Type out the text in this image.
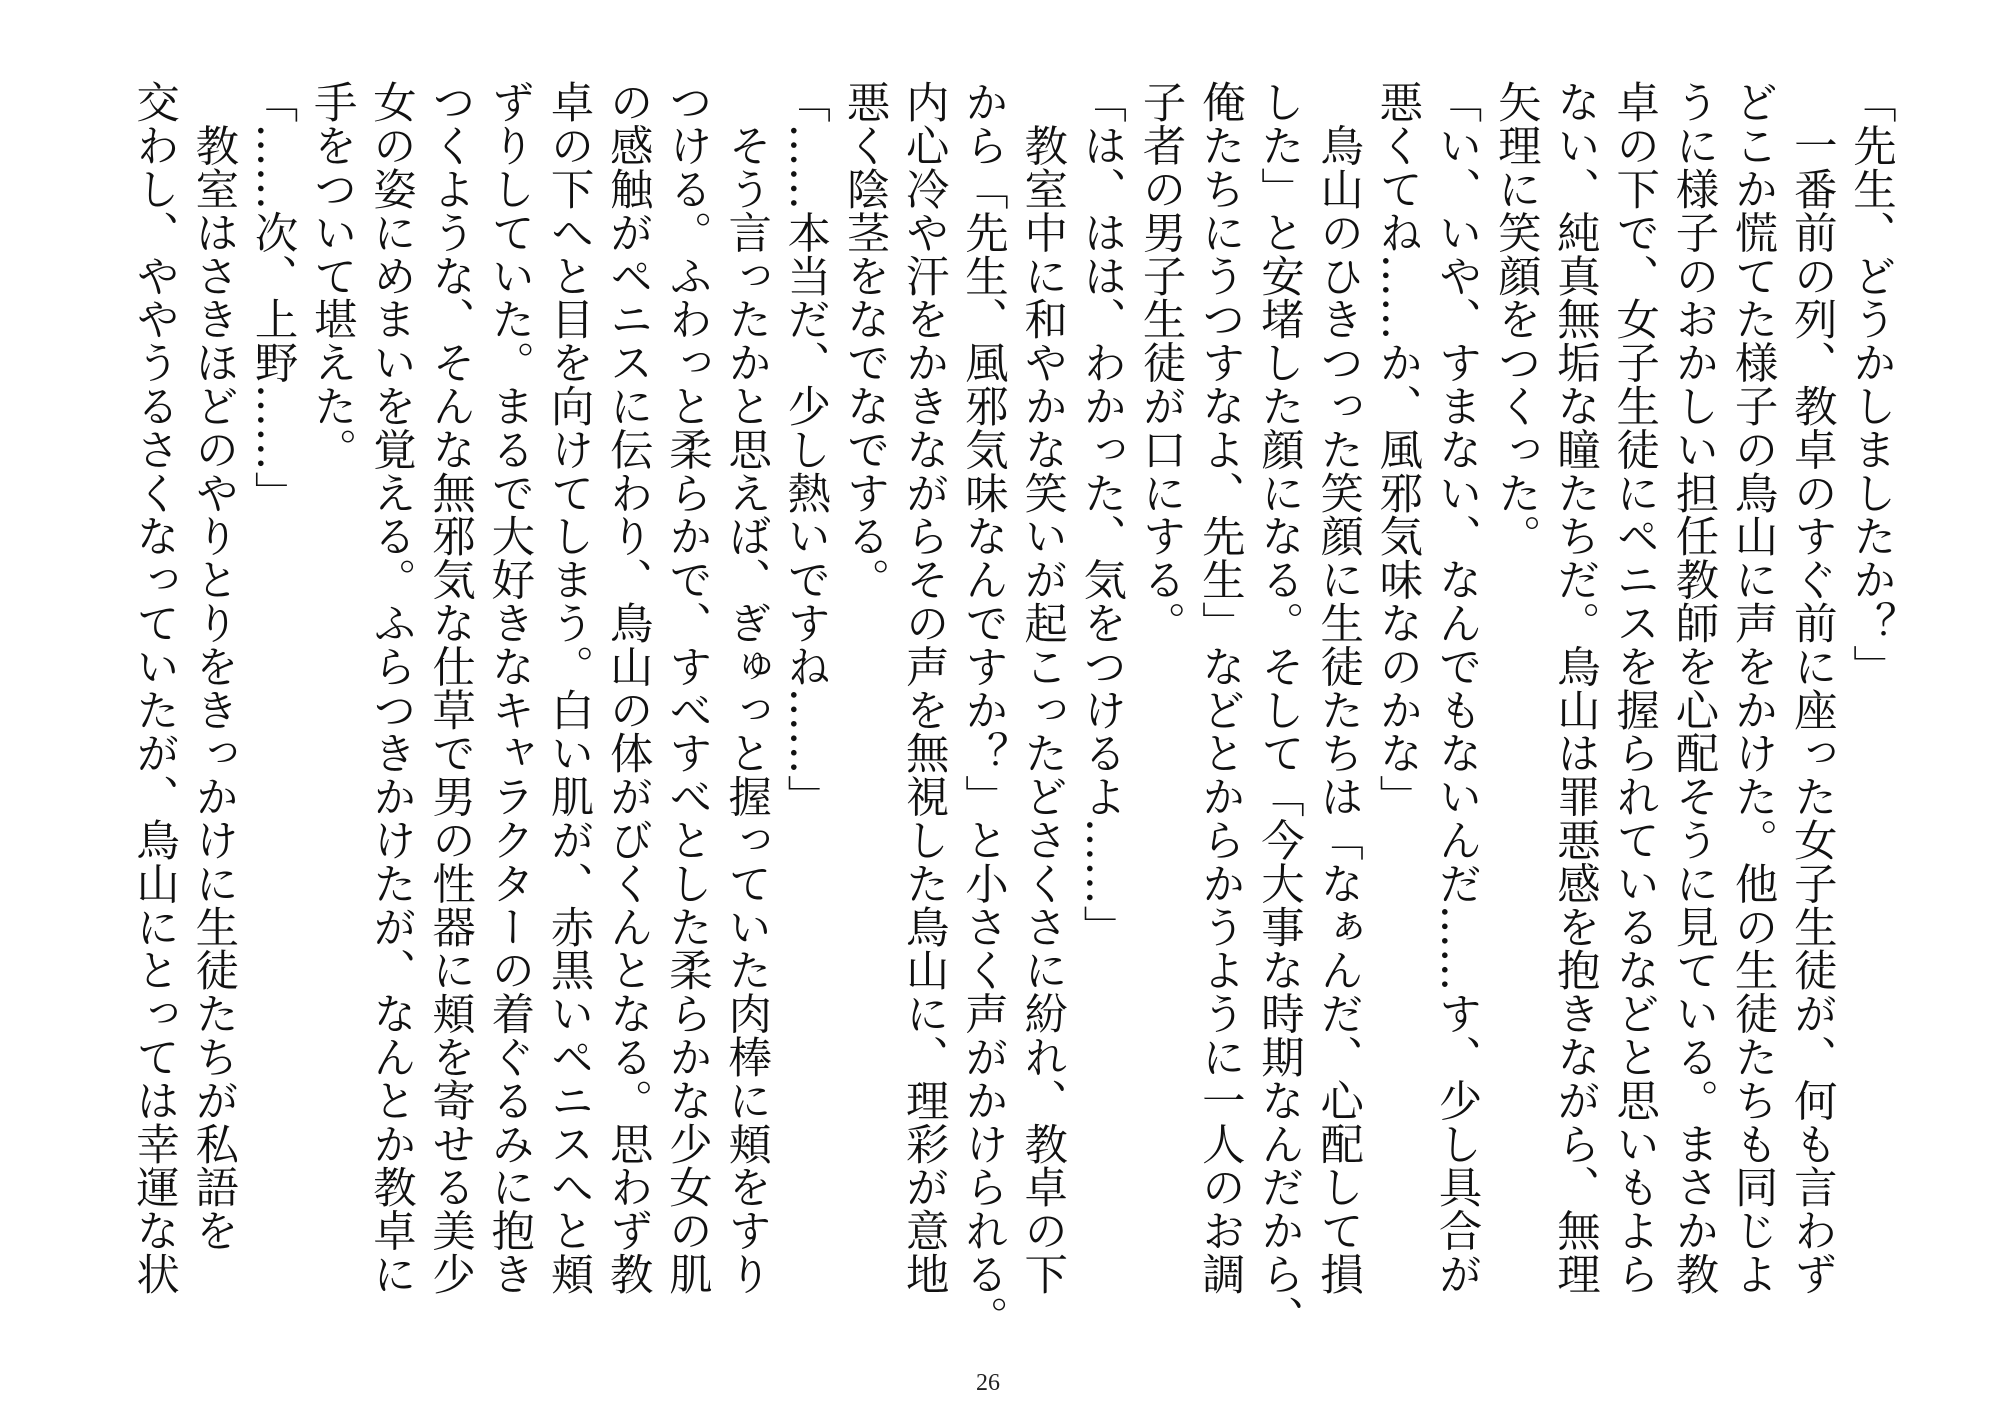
「先生、どうかしましたか？」
　一番前の列、教卓のすぐ前に座った女子生徒が、何も言わず
どこか慌てた様子の鳥山に声をかけた。他の生徒たちも同じよ
うに様子のおかしい担任教師を心配そうに見ている。まさか教
卓の下で、女子生徒にペニスを握られているなどと思いもよら
ない、純真無垢な瞳たちだ。鳥山は罪悪感を抱きながら、無理
矢理に笑顔をつくった。
「い、いや、すまない、なんでもないんだ……す、少し具合が
悪くてね……か、風邪気味なのかな」
　鳥山のひきつった笑顔に生徒たちは「なぁんだ、心配して損
した」と安堵した顔になる。そして「今大事な時期なんだから、
俺たちにうつすなよ、先生」などとからかうように一人のお調
子者の男子生徒が口にする。
「は、はは、わかった、気をつけるよ……」
　教室中に和やかな笑いが起こったどさくさに紛れ、教卓の下
から「先生、風邪気味なんですか？」と小さく声がかけられる。
内心冷や汗をかきながらその声を無視した鳥山に、理彩が意地
悪く陰茎をなでなでする。
「……本当だ、少し熱いですね……」
　そう言ったかと思えば、ぎゅっと握っていた肉棒に頬をすり
つける。ふわっと柔らかで、すべすべとした柔らかな少女の肌
の感触がペニスに伝わり、鳥山の体がびくんとなる。思わず教
卓の下へと目を向けてしまう。白い肌が、赤黒いペニスへと頬
ずりしていた。まるで大好きなキャラクターの着ぐるみに抱き
つくような、そんな無邪気な仕草で男の性器に頬を寄せる美少
女の姿にめまいを覚える。ふらつきかけたが、なんとか教卓に
手をついて堪えた。
「……次、上野……」
　教室はさきほどのやりとりをきっかけに生徒たちが私語を
交わし、ややうるさくなっていたが、鳥山にとっては幸運な状
26
